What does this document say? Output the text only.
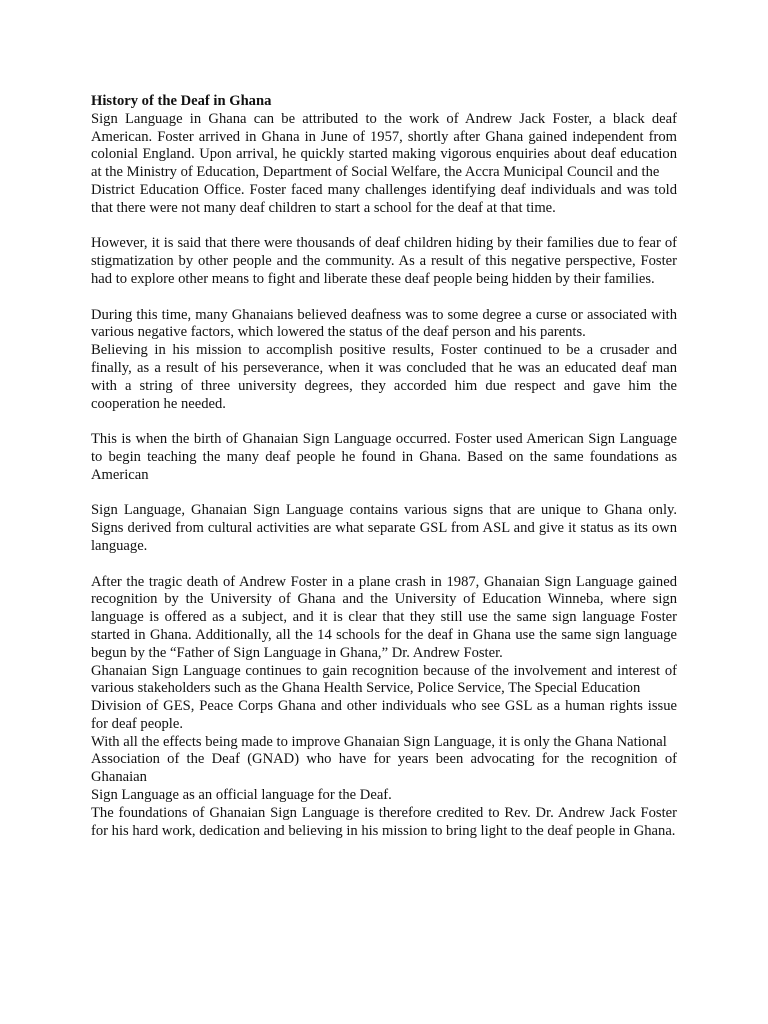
History of the Deaf in Ghana

Sign Language in Ghana can be attributed to the work of Andrew Jack Foster, a black deaf American. Foster arrived in Ghana in June of 1957, shortly after Ghana gained independent from colonial England. Upon arrival, he quickly started making vigorous enquiries about deaf education at the Ministry of Education, Department of Social Welfare, the Accra Municipal Council and the

District Education Office. Foster faced many challenges identifying deaf individuals and was told that there were not many deaf children to start a school for the deaf at that time.

However, it is said that there were thousands of deaf children hiding by their families due to fear of stigmatization by other people and the community. As a result of this negative perspective, Foster had to explore other means to fight and liberate these deaf people being hidden by their families.

During this time, many Ghanaians believed deafness was to some degree a curse or associated with various negative factors, which lowered the status of the deaf person and his parents.

Believing in his mission to accomplish positive results, Foster continued to be a crusader and finally, as a result of his perseverance, when it was concluded that he was an educated deaf man with a string of three university degrees, they accorded him due respect and gave him the cooperation he needed.

This is when the birth of Ghanaian Sign Language occurred. Foster used American Sign Language to begin teaching the many deaf people he found in Ghana. Based on the same foundations as American

Sign Language, Ghanaian Sign Language contains various signs that are unique to Ghana only. Signs derived from cultural activities are what separate GSL from ASL and give it status as its own language.

After the tragic death of Andrew Foster in a plane crash in 1987, Ghanaian Sign Language gained recognition by the University of Ghana and the University of Education Winneba, where sign language is offered as a subject, and it is clear that they still use the same sign language Foster started in Ghana. Additionally, all the 14 schools for the deaf in Ghana use the same sign language begun by the “Father of Sign Language in Ghana,” Dr. Andrew Foster.

Ghanaian Sign Language continues to gain recognition because of the involvement and interest of various stakeholders such as the Ghana Health Service, Police Service, The Special Education

Division of GES, Peace Corps Ghana and other individuals who see GSL as a human rights issue for deaf people.

With all the effects being made to improve Ghanaian Sign Language, it is only the Ghana National

Association of the Deaf (GNAD) who have for years been advocating for the recognition of Ghanaian

Sign Language as an official language for the Deaf.

The foundations of Ghanaian Sign Language is therefore credited to Rev. Dr. Andrew Jack Foster for his hard work, dedication and believing in his mission to bring light to the deaf people in Ghana.
